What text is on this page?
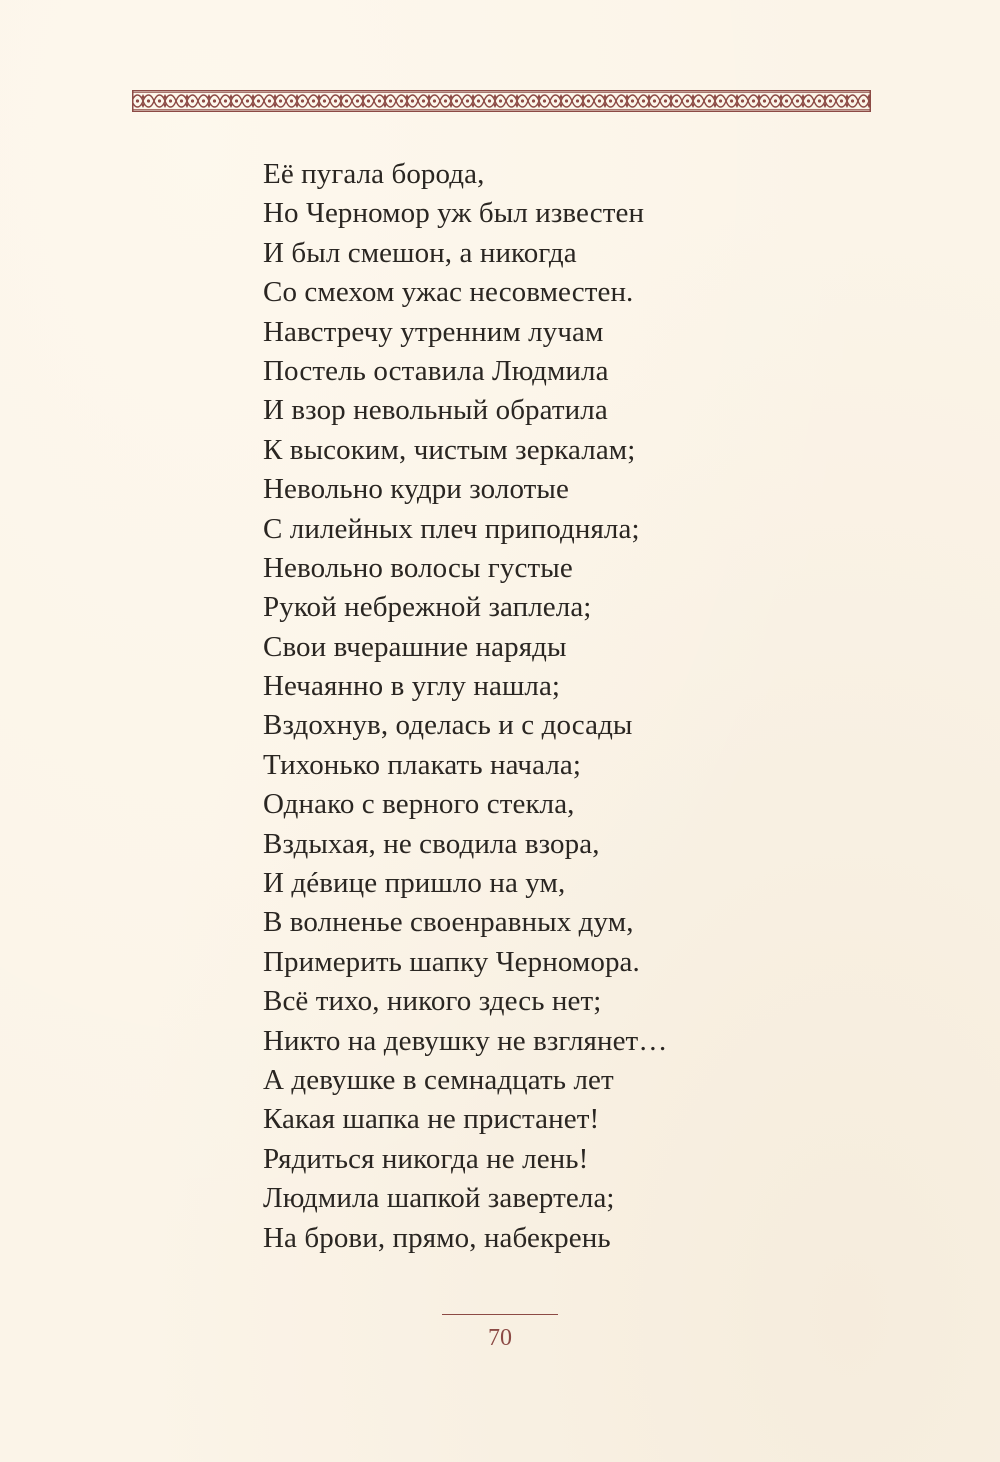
Её пугала борода,
Но Черномор уж был известен
И был смешон, а никогда
Со смехом ужас несовместен.
Навстречу утренним лучам
Постель оставила Людмила
И взор невольный обратила
К высоким, чистым зеркалам;
Невольно кудри золотые
С лилейных плеч приподняла;
Невольно волосы густые
Рукой небрежной заплела;
Свои вчерашние наряды
Нечаянно в углу нашла;
Вздохнув, оделась и с досады
Тихонько плакать начала;
Однако с верного стекла,
Вздыхая, не сводила взора,
И дéвице пришло на ум,
В волненье своенравных дум,
Примерить шапку Черномора.
Всё тихо, никого здесь нет;
Никто на девушку не взглянет…
А девушке в семнадцать лет
Какая шапка не пристанет!
Рядиться никогда не лень!
Людмила шапкой завертела;
На брови, прямо, набекрень
70
